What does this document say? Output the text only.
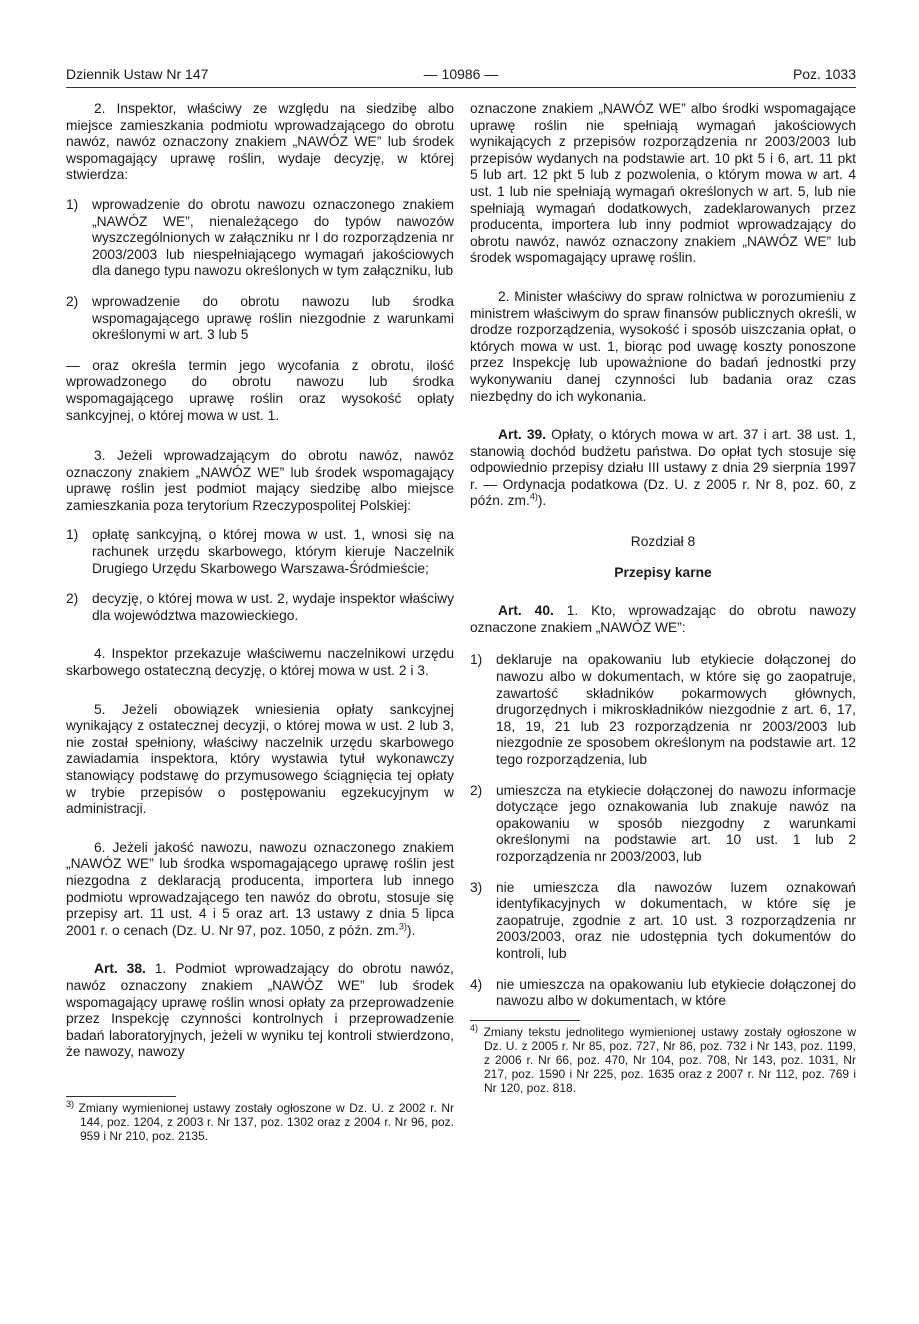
Dziennik Ustaw Nr 147	— 10986 —	Poz. 1033

2. Inspektor, właściwy ze względu na siedzibę albo miejsce zamieszkania podmiotu wprowadzającego do obrotu nawóz, nawóz oznaczony znakiem „NAWÓZ WE” lub środek wspomagający uprawę roślin, wydaje decyzję, w której stwierdza:

1) wprowadzenie do obrotu nawozu oznaczonego znakiem „NAWÓZ WE”, nienależącego do typów nawozów wyszczególnionych w załączniku nr I do rozporządzenia nr 2003/2003 lub niespełniającego wymagań jakościowych dla danego typu nawozu określonych w tym załączniku, lub
2) wprowadzenie do obrotu nawozu lub środka wspomagającego uprawę roślin niezgodnie z warunkami określonymi w art. 3 lub 5

— oraz określa termin jego wycofania z obrotu, ilość wprowadzonego do obrotu nawozu lub środka wspomagającego uprawę roślin oraz wysokość opłaty sankcyjnej, o której mowa w ust. 1.

3. Jeżeli wprowadzającym do obrotu nawóz, nawóz oznaczony znakiem „NAWÓZ WE” lub środek wspomagający uprawę roślin jest podmiot mający siedzibę albo miejsce zamieszkania poza terytorium Rzeczypospolitej Polskiej:

1) opłatę sankcyjną, o której mowa w ust. 1, wnosi się na rachunek urzędu skarbowego, którym kieruje Naczelnik Drugiego Urzędu Skarbowego Warszawa-Śródmieście;
2) decyzję, o której mowa w ust. 2, wydaje inspektor właściwy dla województwa mazowieckiego.

4. Inspektor przekazuje właściwemu naczelnikowi urzędu skarbowego ostateczną decyzję, o której mowa w ust. 2 i 3.

5. Jeżeli obowiązek wniesienia opłaty sankcyjnej wynikający z ostatecznej decyzji, o której mowa w ust. 2 lub 3, nie został spełniony, właściwy naczelnik urzędu skarbowego zawiadamia inspektora, który wystawia tytuł wykonawczy stanowiący podstawę do przymusowego ściągnięcia tej opłaty w trybie przepisów o postępowaniu egzekucyjnym w administracji.

6. Jeżeli jakość nawozu, nawozu oznaczonego znakiem „NAWÓZ WE” lub środka wspomagającego uprawę roślin jest niezgodna z deklaracją producenta, importera lub innego podmiotu wprowadzającego ten nawóz do obrotu, stosuje się przepisy art. 11 ust. 4 i 5 oraz art. 13 ustawy z dnia 5 lipca 2001 r. o cenach (Dz. U. Nr 97, poz. 1050, z późn. zm.$^{3)}$).

Art. 38. 1. Podmiot wprowadzający do obrotu nawóz, nawóz oznaczony znakiem „NAWÓZ WE” lub środek wspomagający uprawę roślin wnosi opłaty za przeprowadzenie przez Inspekcję czynności kontrolnych i przeprowadzenie badań laboratoryjnych, jeżeli w wyniku tej kontroli stwierdzono, że nawozy, nawozy

$^{3)}$ Zmiany wymienionej ustawy zostały ogłoszone w Dz. U. z 2002 r. Nr 144, poz. 1204, z 2003 r. Nr 137, poz. 1302 oraz z 2004 r. Nr 96, poz. 959 i Nr 210, poz. 2135.

oznaczone znakiem „NAWÓZ WE” albo środki wspomagające uprawę roślin nie spełniają wymagań jakościowych wynikających z przepisów rozporządzenia nr 2003/2003 lub przepisów wydanych na podstawie art. 10 pkt 5 i 6, art. 11 pkt 5 lub art. 12 pkt 5 lub z pozwolenia, o którym mowa w art. 4 ust. 1 lub nie spełniają wymagań określonych w art. 5, lub nie spełniają wymagań dodatkowych, zadeklarowanych przez producenta, importera lub inny podmiot wprowadzający do obrotu nawóz, nawóz oznaczony znakiem „NAWÓZ WE” lub środek wspomagający uprawę roślin.

2. Minister właściwy do spraw rolnictwa w porozumieniu z ministrem właściwym do spraw finansów publicznych określi, w drodze rozporządzenia, wysokość i sposób uiszczania opłat, o których mowa w ust. 1, biorąc pod uwagę koszty ponoszone przez Inspekcję lub upoważnione do badań jednostki przy wykonywaniu danej czynności lub badania oraz czas niezbędny do ich wykonania.

Art. 39. Opłaty, o których mowa w art. 37 i art. 38 ust. 1, stanowią dochód budżetu państwa. Do opłat tych stosuje się odpowiednio przepisy działu III ustawy z dnia 29 sierpnia 1997 r. — Ordynacja podatkowa (Dz. U. z 2005 r. Nr 8, poz. 60, z późn. zm.$^{4)}$).

Rozdział 8
Przepisy karne

Art. 40. 1. Kto, wprowadzając do obrotu nawozy oznaczone znakiem „NAWÓZ WE”:

1) deklaruje na opakowaniu lub etykiecie dołączonej do nawozu albo w dokumentach, w które się go zaopatruje, zawartość składników pokarmowych głównych, drugorzędnych i mikroskładników niezgodnie z art. 6, 17, 18, 19, 21 lub 23 rozporządzenia nr 2003/2003 lub niezgodnie ze sposobem określonym na podstawie art. 12 tego rozporządzenia, lub
2) umieszcza na etykiecie dołączonej do nawozu informacje dotyczące jego oznakowania lub znakuje nawóz na opakowaniu w sposób niezgodny z warunkami określonymi na podstawie art. 10 ust. 1 lub 2 rozporządzenia nr 2003/2003, lub
3) nie umieszcza dla nawozów luzem oznakowań identyfikacyjnych w dokumentach, w które się je zaopatruje, zgodnie z art. 10 ust. 3 rozporządzenia nr 2003/2003, oraz nie udostępnia tych dokumentów do kontroli, lub
4) nie umieszcza na opakowaniu lub etykiecie dołączonej do nawozu albo w dokumentach, w które
$^{4)}$ Zmiany tekstu jednolitego wymienionej ustawy zostały ogłoszone w Dz. U. z 2005 r. Nr 85, poz. 727, Nr 86, poz. 732 i Nr 143, poz. 1199, z 2006 r. Nr 66, poz. 470, Nr 104, poz. 708, Nr 143, poz. 1031, Nr 217, poz. 1590 i Nr 225, poz. 1635 oraz z 2007 r. Nr 112, poz. 769 i Nr 120, poz. 818.
